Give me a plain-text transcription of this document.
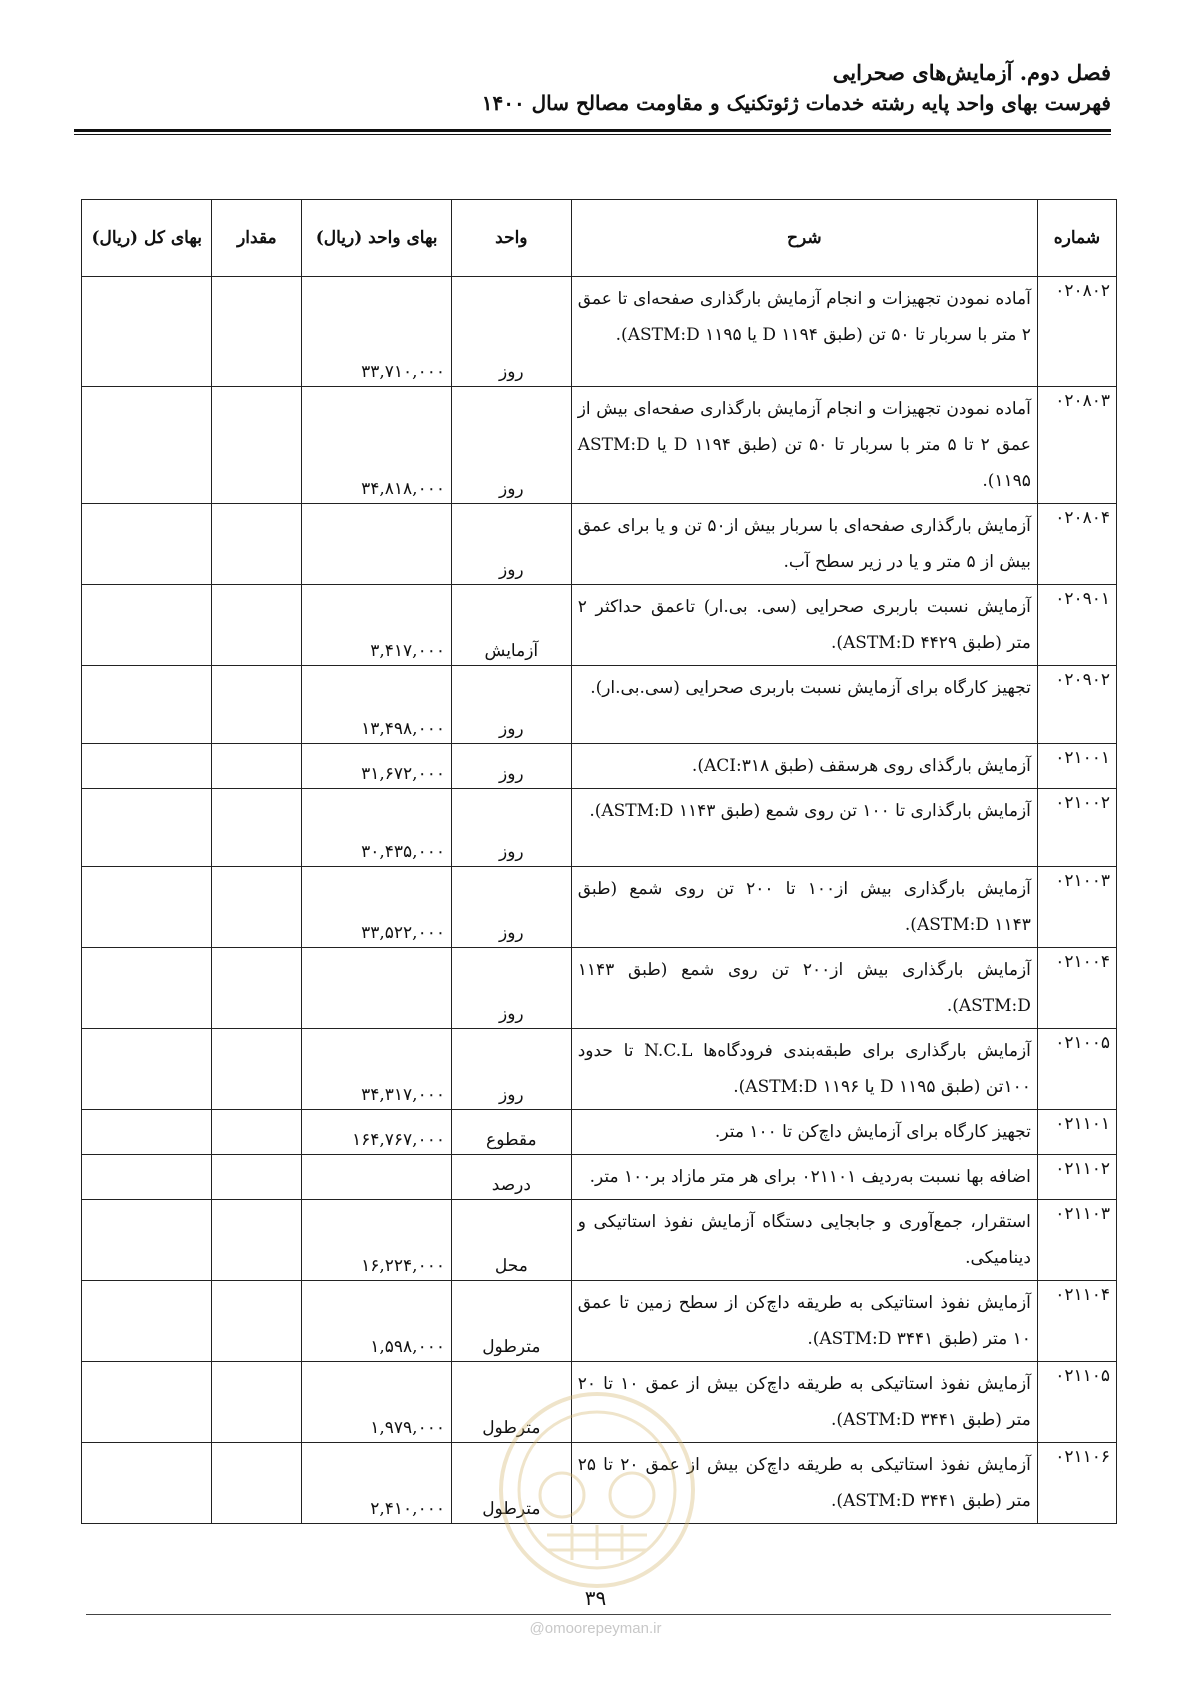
فصل دوم. آزمایش‌های صحرایی
فهرست بهای واحد پایه رشته خدمات ژئوتکنیک و مقاومت مصالح سال ۱۴۰۰
شماره	شرح	واحد	بهای واحد (ریال)	مقدار	بهای کل (ریال)
۰۲۰۸۰۲	آماده نمودن تجهیزات و انجام آزمایش بارگذاری صفحه‌ای تا عمق ۲ متر با سربار تا ۵۰ تن (طبق D ۱۱۹۴ یا ASTM:D ۱۱۹۵).	روز	۳۳,۷۱۰,۰۰۰		
۰۲۰۸۰۳	آماده نمودن تجهیزات و انجام آزمایش بارگذاری صفحه‌ای بیش از عمق ۲ تا ۵ متر با سربار تا ۵۰ تن (طبق D ۱۱۹۴ یا ASTM:D ۱۱۹۵).	روز	۳۴,۸۱۸,۰۰۰		
۰۲۰۸۰۴	آزمایش بارگذاری صفحه‌ای با سربار بیش از۵۰ تن و یا برای عمق بیش از ۵ متر و یا در زیر سطح آب.	روز			
۰۲۰۹۰۱	آزمایش نسبت باربری صحرایی (سی. بی.ار) تاعمق حداکثر ۲ متر (طبق ASTM:D ۴۴۲۹).	آزمایش	۳,۴۱۷,۰۰۰		
۰۲۰۹۰۲	تجهیز کارگاه برای آزمایش نسبت باربری صحرایی (سی.بی.ار).	روز	۱۳,۴۹۸,۰۰۰		
۰۲۱۰۰۱	آزمایش بارگذای روی هرسقف (طبق ACI:۳۱۸).	روز	۳۱,۶۷۲,۰۰۰		
۰۲۱۰۰۲	آزمایش بارگذاری تا ۱۰۰ تن روی شمع (طبق ۱۱۴۳ ASTM:D).	روز	۳۰,۴۳۵,۰۰۰		
۰۲۱۰۰۳	آزمایش بارگذاری بیش از۱۰۰ تا ۲۰۰ تن روی شمع (طبق ASTM:D ۱۱۴۳).	روز	۳۳,۵۲۲,۰۰۰		
۰۲۱۰۰۴	آزمایش بارگذاری بیش از۲۰۰ تن روی شمع (طبق ۱۱۴۳ ASTM:D).	روز			
۰۲۱۰۰۵	آزمایش بارگذاری برای طبقه‌بندی فرودگاه‌ها N.C.L تا حدود ۱۰۰تن (طبق D ۱۱۹۵ یا ASTM:D ۱۱۹۶).	روز	۳۴,۳۱۷,۰۰۰		
۰۲۱۱۰۱	تجهیز کارگاه برای آزمایش داچ‌کن تا ۱۰۰ متر.	مقطوع	۱۶۴,۷۶۷,۰۰۰		
۰۲۱۱۰۲	اضافه بها نسبت به‌ردیف ۰۲۱۱۰۱ برای هر متر مازاد بر۱۰۰ متر.	درصد			
۰۲۱۱۰۳	استقرار، جمع‌آوری و جابجایی دستگاه آزمایش نفوذ استاتیکی و دینامیکی.	محل	۱۶,۲۲۴,۰۰۰		
۰۲۱۱۰۴	آزمایش نفوذ استاتیکی به طریقه داچ‌کن از سطح زمین تا عمق ۱۰ متر (طبق ASTM:D ۳۴۴۱).	مترطول	۱,۵۹۸,۰۰۰		
۰۲۱۱۰۵	آزمایش نفوذ استاتیکی به طریقه داچ‌کن بیش از عمق ۱۰ تا ۲۰ متر (طبق ASTM:D ۳۴۴۱).	مترطول	۱,۹۷۹,۰۰۰		
۰۲۱۱۰۶	آزمایش نفوذ استاتیکی به طریقه داچ‌کن بیش از عمق ۲۰ تا ۲۵ متر (طبق ASTM:D ۳۴۴۱).	مترطول	۲,۴۱۰,۰۰۰		
۳۹
@omoorepeyman.ir
